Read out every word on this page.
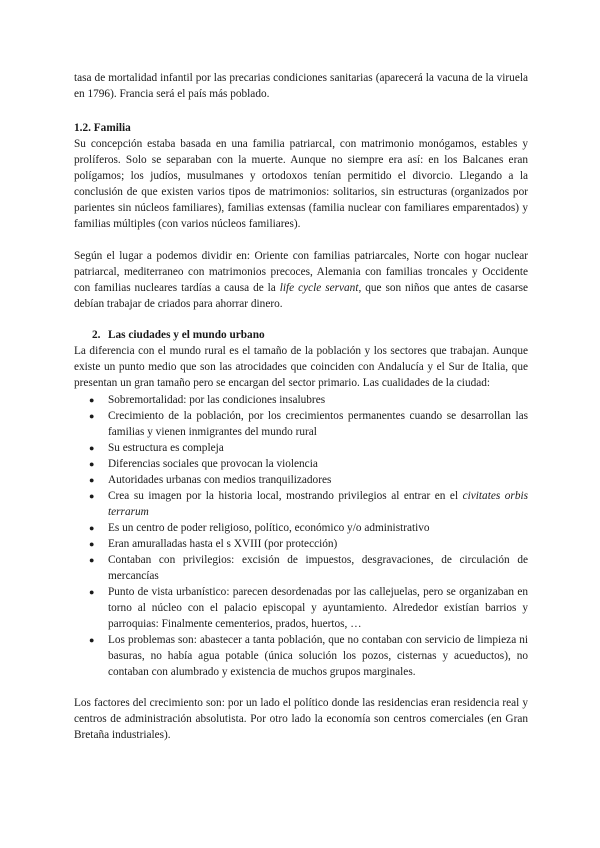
tasa de mortalidad infantil por las precarias condiciones sanitarias (aparecerá la vacuna de la viruela en 1796). Francia será el país más poblado.

1.2. Familia

Su concepción estaba basada en una familia patriarcal, con matrimonio monógamos, estables y prolíferos. Solo se separaban con la muerte. Aunque no siempre era así: en los Balcanes eran polígamos; los judíos, musulmanes y ortodoxos tenían permitido el divorcio. Llegando a la conclusión de que existen varios tipos de matrimonios: solitarios, sin estructuras (organizados por parientes sin núcleos familiares), familias extensas (familia nuclear con familiares emparentados) y familias múltiples (con varios núcleos familiares).

Según el lugar a podemos dividir en: Oriente con familias patriarcales, Norte con hogar nuclear patriarcal, mediterraneo con matrimonios precoces, Alemania con familias troncales y Occidente con familias nucleares tardías a causa de la life cycle servant, que son niños que antes de casarse debían trabajar de criados para ahorrar dinero.

2. Las ciudades y el mundo urbano

La diferencia con el mundo rural es el tamaño de la población y los sectores que trabajan. Aunque existe un punto medio que son las atrocidades que coinciden con Andalucía y el Sur de Italia, que presentan un gran tamaño pero se encargan del sector primario. Las cualidades de la ciudad:

● Sobremortalidad: por las condiciones insalubres
● Crecimiento de la población, por los crecimientos permanentes cuando se desarrollan las familias y vienen inmigrantes del mundo rural
● Su estructura es compleja
● Diferencias sociales que provocan la violencia
● Autoridades urbanas con medios tranquilizadores
● Crea su imagen por la historia local, mostrando privilegios al entrar en el civitates orbis terrarum
● Es un centro de poder religioso, político, económico y/o administrativo
● Eran amuralladas hasta el s XVIII (por protección)
● Contaban con privilegios: excisión de impuestos, desgravaciones, de circulación de mercancías
● Punto de vista urbanístico: parecen desordenadas por las callejuelas, pero se organizaban en torno al núcleo con el palacio episcopal y ayuntamiento. Alrededor existían barrios y parroquias: Finalmente cementerios, prados, huertos, …
● Los problemas son: abastecer a tanta población, que no contaban con servicio de limpieza ni basuras, no había agua potable (única solución los pozos, cisternas y acueductos), no contaban con alumbrado y existencia de muchos grupos marginales.

Los factores del crecimiento son: por un lado el político donde las residencias eran residencia real y centros de administración absolutista. Por otro lado la economía son centros comerciales (en Gran Bretaña industriales).
